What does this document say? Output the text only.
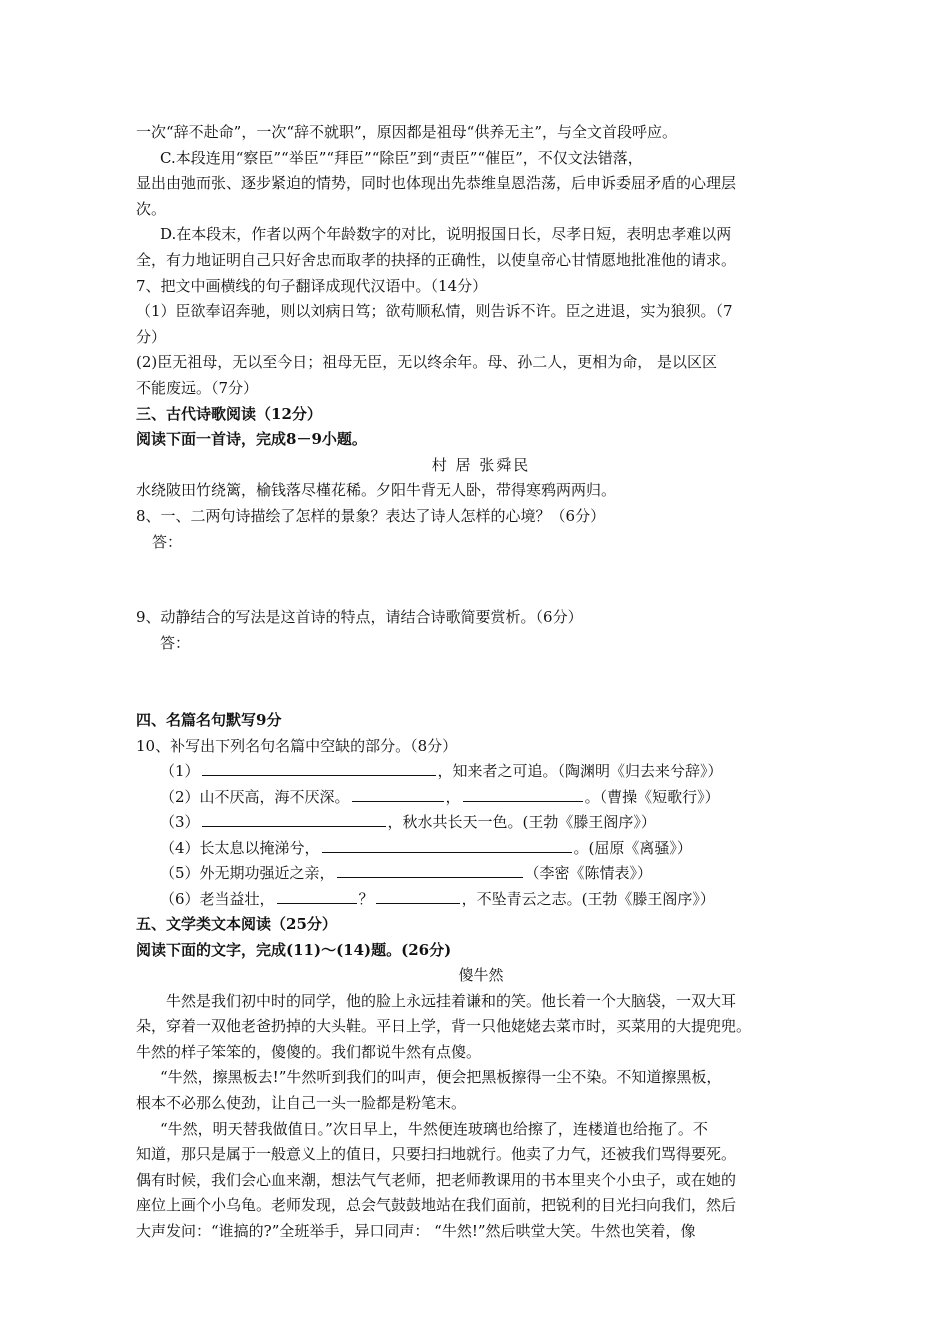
一次“辞不赴命”，一次“辞不就职”，原因都是祖母“供养无主”，与全文首段呼应。
C.本段连用“察臣”“举臣”“拜臣”“除臣”到“责臣”“催臣”，不仅文法错落，
显出由弛而张、逐步紧迫的情势，同时也体现出先恭维皇恩浩荡，后申诉委屈矛盾的心理层
次。
D.在本段末，作者以两个年龄数字的对比，说明报国日长，尽孝日短，表明忠孝难以两
全，有力地证明自己只好舍忠而取孝的抉择的正确性，以使皇帝心甘情愿地批准他的请求。
7、把文中画横线的句子翻译成现代汉语中。（14分）
（1）臣欲奉诏奔驰，则以刘病日笃；欲苟顺私情，则告诉不许。臣之进退，实为狼狈。（7
分）
(2)臣无祖母，无以至今日；祖母无臣，无以终余年。母、孙二人，更相为命， 是以区区
不能废远。（7分）
三、古代诗歌阅读（12分）
阅读下面一首诗，完成8－9小题。
村 居 张舜民
水绕陂田竹绕篱，榆钱落尽槿花稀。夕阳牛背无人卧，带得寒鸦两两归。
8、一、二两句诗描绘了怎样的景象？表达了诗人怎样的心境？（6分）
答：
9、动静结合的写法是这首诗的特点，请结合诗歌简要赏析。（6分）
答：
四、名篇名句默写9分
10、补写出下列名句名篇中空缺的部分。（8分）
（1）	，知来者之可追。（陶渊明《归去来兮辞》）
（2）山不厌高，海不厌深。	，	。（曹操《短歌行》）
（3）	，秋水共长天一色。(王勃《滕王阁序》）
（4）长太息以掩涕兮，	。(屈原《离骚》）
（5）外无期功强近之亲，	（李密《陈情表》）
（6）老当益壮，	？	，不坠青云之志。(王勃《滕王阁序》）
五、文学类文本阅读（25分）
阅读下面的文字，完成(11)～(14)题。(26分)
傻牛然
牛然是我们初中时的同学，他的脸上永远挂着谦和的笑。他长着一个大脑袋，一双大耳
朵，穿着一双他老爸扔掉的大头鞋。平日上学，背一只他姥姥去菜市时，买菜用的大提兜兜。
牛然的样子笨笨的，傻傻的。我们都说牛然有点傻。
“牛然，擦黑板去!”牛然听到我们的叫声，便会把黑板擦得一尘不染。不知道擦黑板，
根本不必那么使劲，让自己一头一脸都是粉笔末。
“牛然，明天替我做值日。”次日早上，牛然便连玻璃也给擦了，连楼道也给拖了。不
知道，那只是属于一般意义上的值日，只要扫扫地就行。他卖了力气，还被我们骂得要死。
偶有时候，我们会心血来潮，想法气气老师，把老师教课用的书本里夹个小虫子，或在她的
座位上画个小乌龟。老师发现，总会气鼓鼓地站在我们面前，把锐利的目光扫向我们，然后
大声发问：“谁搞的?”全班举手，异口同声： “牛然!”然后哄堂大笑。牛然也笑着，像
